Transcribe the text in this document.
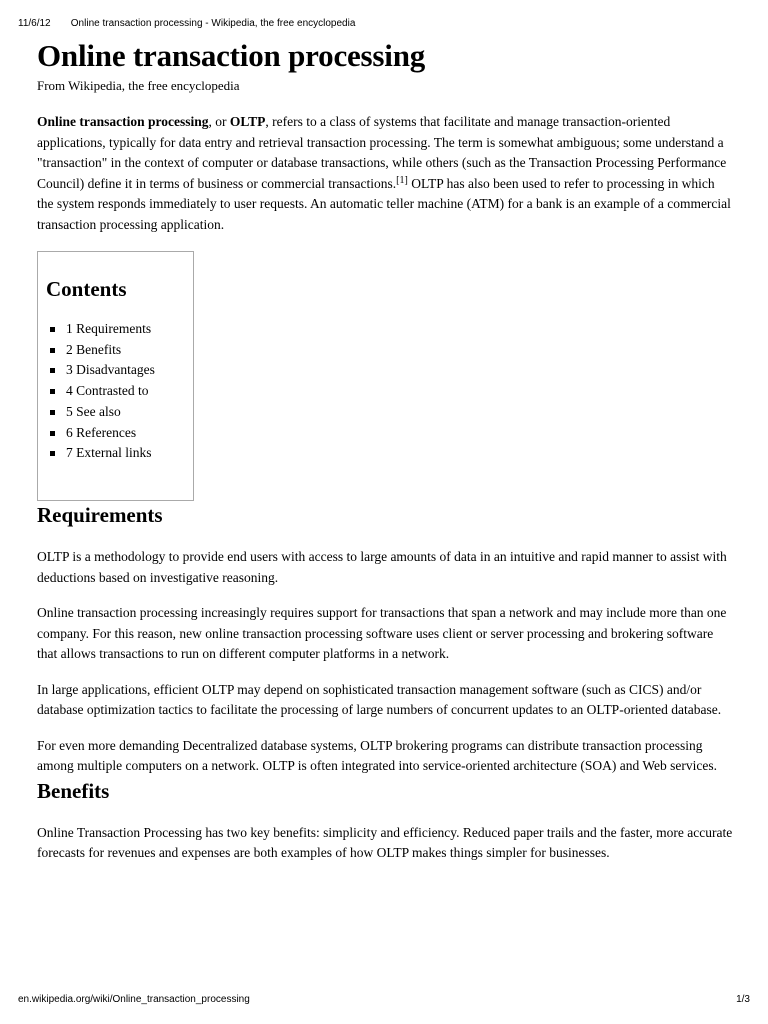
11/6/12 Online transaction processing - Wikipedia, the free encyclopedia
Online transaction processing
From Wikipedia, the free encyclopedia

Online transaction processing, or OLTP, refers to a class of systems that facilitate and manage transaction-oriented applications, typically for data entry and retrieval transaction processing. The term is somewhat ambiguous; some understand a "transaction" in the context of computer or database transactions, while others (such as the Transaction Processing Performance Council) define it in terms of business or commercial transactions.[1] OLTP has also been used to refer to processing in which the system responds immediately to user requests. An automatic teller machine (ATM) for a bank is an example of a commercial transaction processing application.

Contents
1 Requirements
2 Benefits
3 Disadvantages
4 Contrasted to
5 See also
6 References
7 External links
Requirements

OLTP is a methodology to provide end users with access to large amounts of data in an intuitive and rapid manner to assist with deductions based on investigative reasoning.

Online transaction processing increasingly requires support for transactions that span a network and may include more than one company. For this reason, new online transaction processing software uses client or server processing and brokering software that allows transactions to run on different computer platforms in a network.

In large applications, efficient OLTP may depend on sophisticated transaction management software (such as CICS) and/or database optimization tactics to facilitate the processing of large numbers of concurrent updates to an OLTP-oriented database.

For even more demanding Decentralized database systems, OLTP brokering programs can distribute transaction processing among multiple computers on a network. OLTP is often integrated into service-oriented architecture (SOA) and Web services.

Benefits

Online Transaction Processing has two key benefits: simplicity and efficiency. Reduced paper trails and the faster, more accurate forecasts for revenues and expenses are both examples of how OLTP makes things simpler for businesses.

en.wikipedia.org/wiki/Online_transaction_processing	1/3
